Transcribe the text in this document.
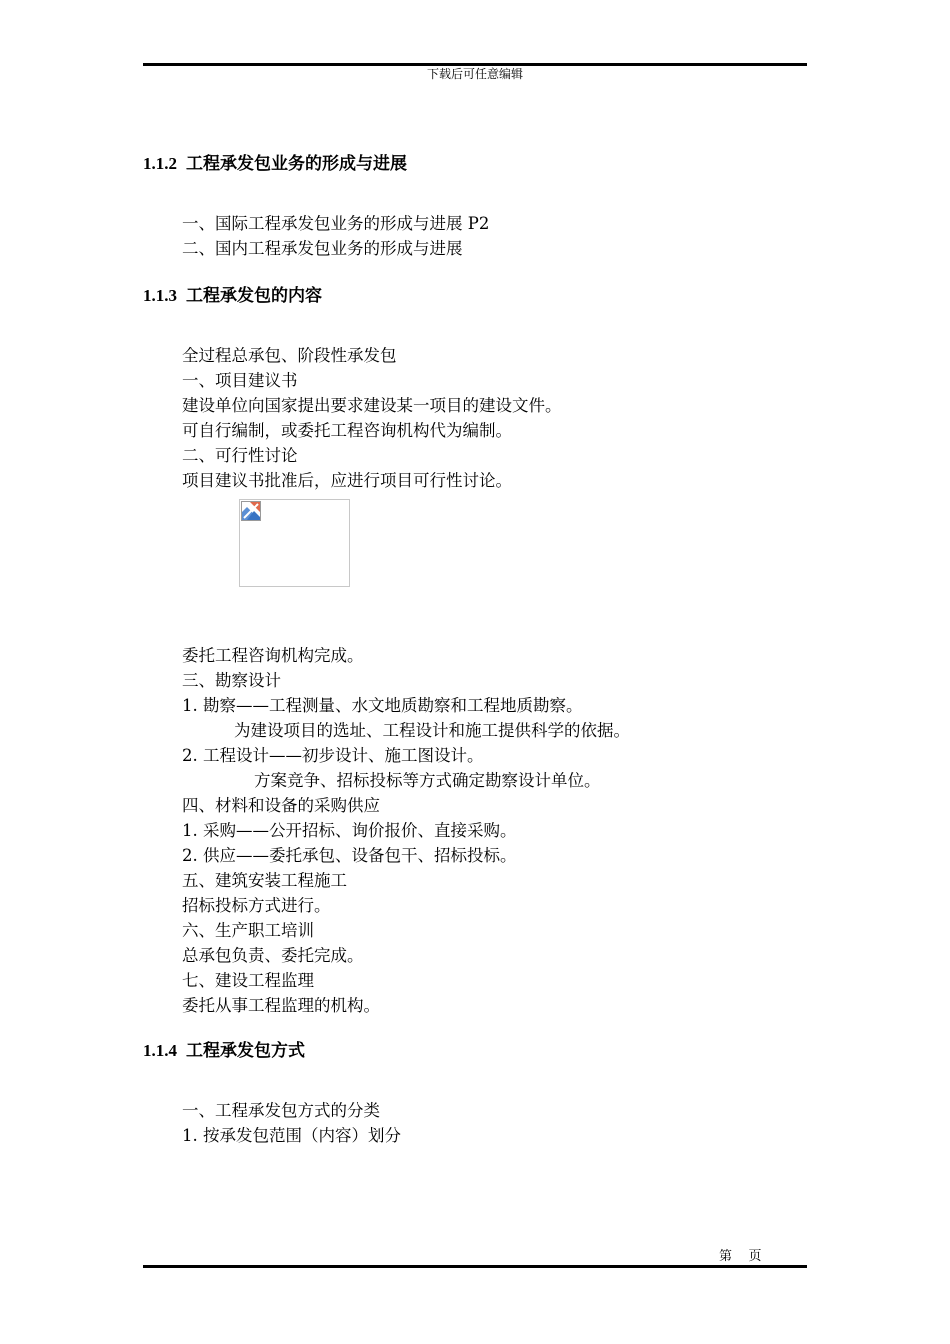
下载后可任意编辑
1.1.2 工程承发包业务的形成与进展
一、国际工程承发包业务的形成与进展 P2
二、国内工程承发包业务的形成与进展
1.1.3 工程承发包的内容
全过程总承包、阶段性承发包
一、项目建议书
建设单位向国家提出要求建设某一项目的建设文件。
可自行编制，或委托工程咨询机构代为编制。
二、可行性讨论
项目建议书批准后，应进行项目可行性讨论。
委托工程咨询机构完成。
三、勘察设计
1. 勘察——工程测量、水文地质勘察和工程地质勘察。
为建设项目的选址、工程设计和施工提供科学的依据。
2. 工程设计——初步设计、施工图设计。
方案竞争、招标投标等方式确定勘察设计单位。
四、材料和设备的采购供应
1. 采购——公开招标、询价报价、直接采购。
2. 供应——委托承包、设备包干、招标投标。
五、建筑安装工程施工
招标投标方式进行。
六、生产职工培训
总承包负责、委托完成。
七、建设工程监理
委托从事工程监理的机构。
1.1.4 工程承发包方式
一、工程承发包方式的分类
1. 按承发包范围（内容）划分
第    页
